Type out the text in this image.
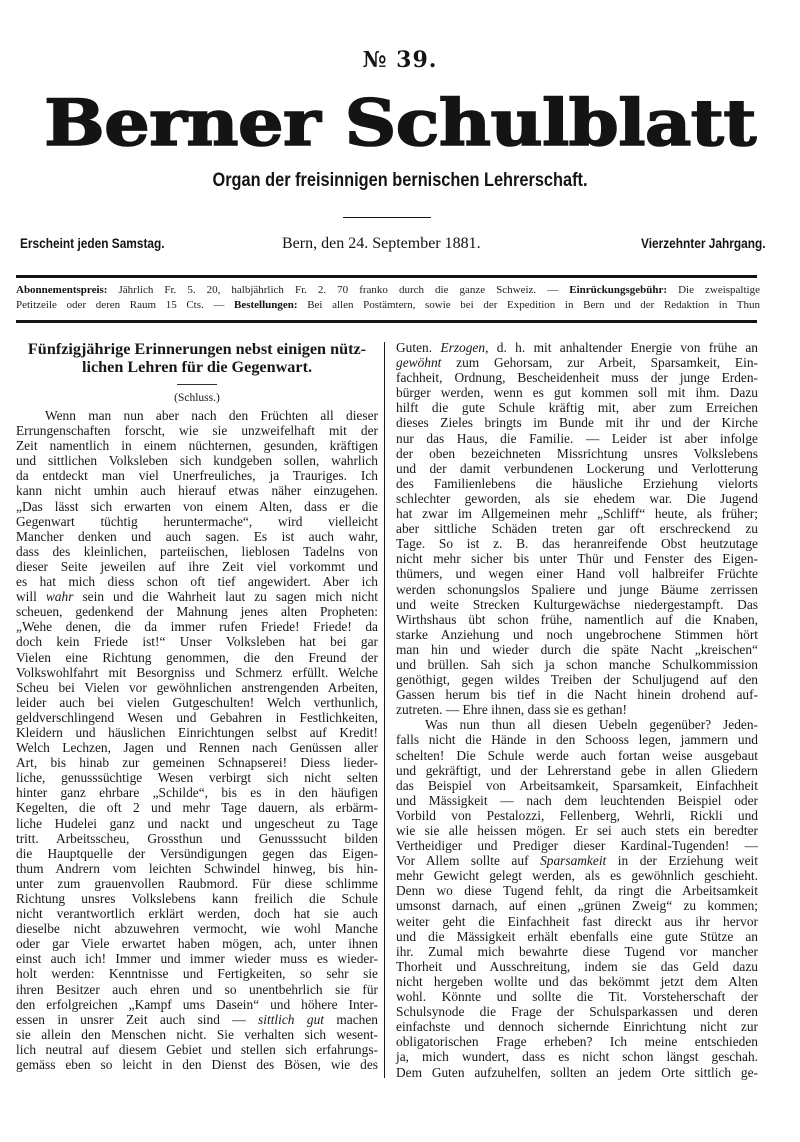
№ 39.
Berner Schulblatt
Organ der freisinnigen bernischen Lehrerschaft.
Erscheint jeden Samstag.	Bern, den 24. September 1881.	Vierzehnter Jahrgang.
Abonnementspreis: Jährlich Fr. 5. 20, halbjährlich Fr. 2. 70 franko durch die ganze Schweiz. — Einrückungsgebühr: Die zweispaltige
Petitzeile oder deren Raum 15 Cts. — Bestellungen: Bei allen Postämtern, sowie bei der Expedition in Bern und der Redaktion in Thun
Fünfzigjährige Erinnerungen nebst einigen nütz-
lichen Lehren für die Gegenwart.
(Schluss.)
Wenn man nun aber nach den Früchten all dieser
Errungenschaften forscht, wie sie unzweifelhaft mit der
Zeit namentlich in einem nüchternen, gesunden, kräftigen
und sittlichen Volksleben sich kundgeben sollen, wahrlich
da entdeckt man viel Unerfreuliches, ja Trauriges. Ich
kann nicht umhin auch hierauf etwas näher einzugehen.
„Das lässt sich erwarten von einem Alten, dass er die
Gegenwart tüchtig heruntermache“, wird vielleicht
Mancher denken und auch sagen. Es ist auch wahr,
dass des kleinlichen, parteiischen, lieblosen Tadelns von
dieser Seite jeweilen auf ihre Zeit viel vorkommt und
es hat mich diess schon oft tief angewidert. Aber ich
will wahr sein und die Wahrheit laut zu sagen mich nicht
scheuen, gedenkend der Mahnung jenes alten Propheten:
„Wehe denen, die da immer rufen Friede! Friede! da
doch kein Friede ist!“ Unser Volksleben hat bei gar
Vielen eine Richtung genommen, die den Freund der
Volkswohlfahrt mit Besorgniss und Schmerz erfüllt. Welche
Scheu bei Vielen vor gewöhnlichen anstrengenden Arbeiten,
leider auch bei vielen Gutgeschulten! Welch verthunlich,
geldverschlingend Wesen und Gebahren in Festlichkeiten,
Kleidern und häuslichen Einrichtungen selbst auf Kredit!
Welch Lechzen, Jagen und Rennen nach Genüssen aller
Art, bis hinab zur gemeinen Schnapserei! Diess lieder-
liche, genusssüchtige Wesen verbirgt sich nicht selten
hinter ganz ehrbare „Schilde“, bis es in den häufigen
Kegelten, die oft 2 und mehr Tage dauern, als erbärm-
liche Hudelei ganz und nackt und ungescheut zu Tage
tritt. Arbeitsscheu, Grossthun und Genusssucht bilden
die Hauptquelle der Versündigungen gegen das Eigen-
thum Andrern vom leichten Schwindel hinweg, bis hin-
unter zum grauenvollen Raubmord. Für diese schlimme
Richtung unsres Volkslebens kann freilich die Schule
nicht verantwortlich erklärt werden, doch hat sie auch
dieselbe nicht abzuwehren vermocht, wie wohl Manche
oder gar Viele erwartet haben mögen, ach, unter ihnen
einst auch ich! Immer und immer wieder muss es wieder-
holt werden: Kenntnisse und Fertigkeiten, so sehr sie
ihren Besitzer auch ehren und so unentbehrlich sie für
den erfolgreichen „Kampf ums Dasein“ und höhere Inter-
essen in unsrer Zeit auch sind — sittlich gut machen
sie allein den Menschen nicht. Sie verhalten sich wesent-
lich neutral auf diesem Gebiet und stellen sich erfahrungs-
gemäss eben so leicht in den Dienst des Bösen, wie des
Guten. Erzogen, d. h. mit anhaltender Energie von frühe an
gewöhnt zum Gehorsam, zur Arbeit, Sparsamkeit, Ein-
fachheit, Ordnung, Bescheidenheit muss der junge Erden-
bürger werden, wenn es gut kommen soll mit ihm. Dazu
hilft die gute Schule kräftig mit, aber zum Erreichen
dieses Zieles bringts im Bunde mit ihr und der Kirche
nur das Haus, die Familie. — Leider ist aber infolge
der oben bezeichneten Missrichtung unsres Volkslebens
und der damit verbundenen Lockerung und Verlotterung
des Familienlebens die häusliche Erziehung vielorts
schlechter geworden, als sie ehedem war. Die Jugend
hat zwar im Allgemeinen mehr „Schliff“ heute, als früher;
aber sittliche Schäden treten gar oft erschreckend zu
Tage. So ist z. B. das heranreifende Obst heutzutage
nicht mehr sicher bis unter Thür und Fenster des Eigen-
thümers, und wegen einer Hand voll halbreifer Früchte
werden schonungslos Spaliere und junge Bäume zerrissen
und weite Strecken Kulturgewächse niedergestampft. Das
Wirthshaus übt schon frühe, namentlich auf die Knaben,
starke Anziehung und noch ungebrochene Stimmen hört
man hin und wieder durch die späte Nacht „kreischen“
und brüllen. Sah sich ja schon manche Schulkommission
genöthigt, gegen wildes Treiben der Schuljugend auf den
Gassen herum bis tief in die Nacht hinein drohend auf-
zutreten. — Ehre ihnen, dass sie es gethan!
Was nun thun all diesen Uebeln gegenüber? Jeden-
falls nicht die Hände in den Schooss legen, jammern und
schelten! Die Schule werde auch fortan weise ausgebaut
und gekräftigt, und der Lehrerstand gebe in allen Gliedern
das Beispiel von Arbeitsamkeit, Sparsamkeit, Einfachheit
und Mässigkeit — nach dem leuchtenden Beispiel oder
Vorbild von Pestalozzi, Fellenberg, Wehrli, Rickli und
wie sie alle heissen mögen. Er sei auch stets ein beredter
Vertheidiger und Prediger dieser Kardinal-Tugenden! —
Vor Allem sollte auf Sparsamkeit in der Erziehung weit
mehr Gewicht gelegt werden, als es gewöhnlich geschieht.
Denn wo diese Tugend fehlt, da ringt die Arbeitsamkeit
umsonst darnach, auf einen „grünen Zweig“ zu kommen;
weiter geht die Einfachheit fast direckt aus ihr hervor
und die Mässigkeit erhält ebenfalls eine gute Stütze an
ihr. Zumal mich bewahrte diese Tugend vor mancher
Thorheit und Ausschreitung, indem sie das Geld dazu
nicht hergeben wollte und das bekömmt jetzt dem Alten
wohl. Könnte und sollte die Tit. Vorsteherschaft der
Schulsynode die Frage der Schulsparkassen und deren
einfachste und dennoch sichernde Einrichtung nicht zur
obligatorischen Frage erheben? Ich meine entschieden
ja, mich wundert, dass es nicht schon längst geschah.
Dem Guten aufzuhelfen, sollten an jedem Orte sittlich ge-
